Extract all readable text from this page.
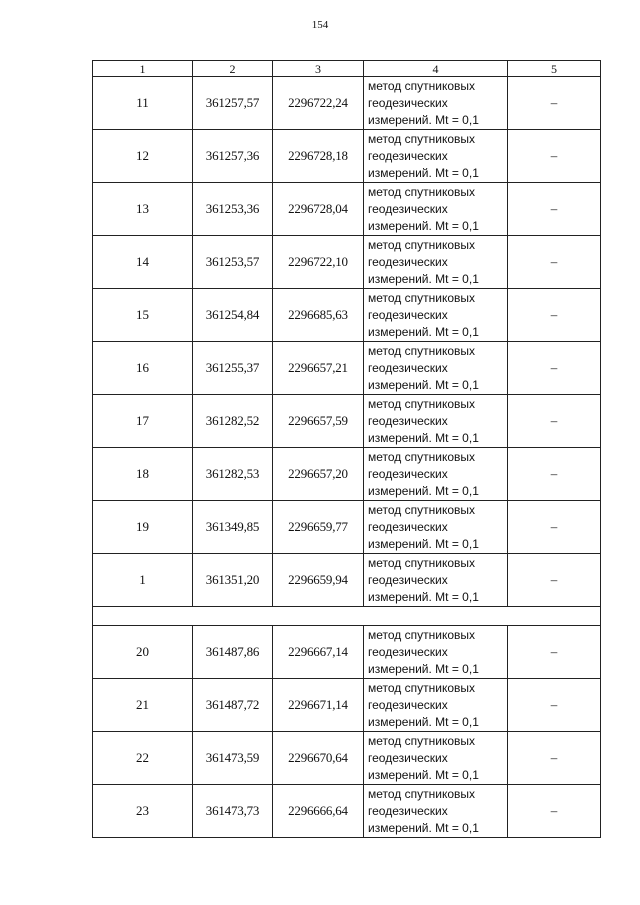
154
1	2	3	4	5
11	361257,57	2296722,24	метод спутниковых
геодезических
измерений. Mt = 0,1	–
12	361257,36	2296728,18	метод спутниковых
геодезических
измерений. Mt = 0,1	–
13	361253,36	2296728,04	метод спутниковых
геодезических
измерений. Mt = 0,1	–
14	361253,57	2296722,10	метод спутниковых
геодезических
измерений. Mt = 0,1	–
15	361254,84	2296685,63	метод спутниковых
геодезических
измерений. Mt = 0,1	–
16	361255,37	2296657,21	метод спутниковых
геодезических
измерений. Mt = 0,1	–
17	361282,52	2296657,59	метод спутниковых
геодезических
измерений. Mt = 0,1	–
18	361282,53	2296657,20	метод спутниковых
геодезических
измерений. Mt = 0,1	–
19	361349,85	2296659,77	метод спутниковых
геодезических
измерений. Mt = 0,1	–
1	361351,20	2296659,94	метод спутниковых
геодезических
измерений. Mt = 0,1	–

20	361487,86	2296667,14	метод спутниковых
геодезических
измерений. Mt = 0,1	–
21	361487,72	2296671,14	метод спутниковых
геодезических
измерений. Mt = 0,1	–
22	361473,59	2296670,64	метод спутниковых
геодезических
измерений. Mt = 0,1	–
23	361473,73	2296666,64	метод спутниковых
геодезических
измерений. Mt = 0,1	–
